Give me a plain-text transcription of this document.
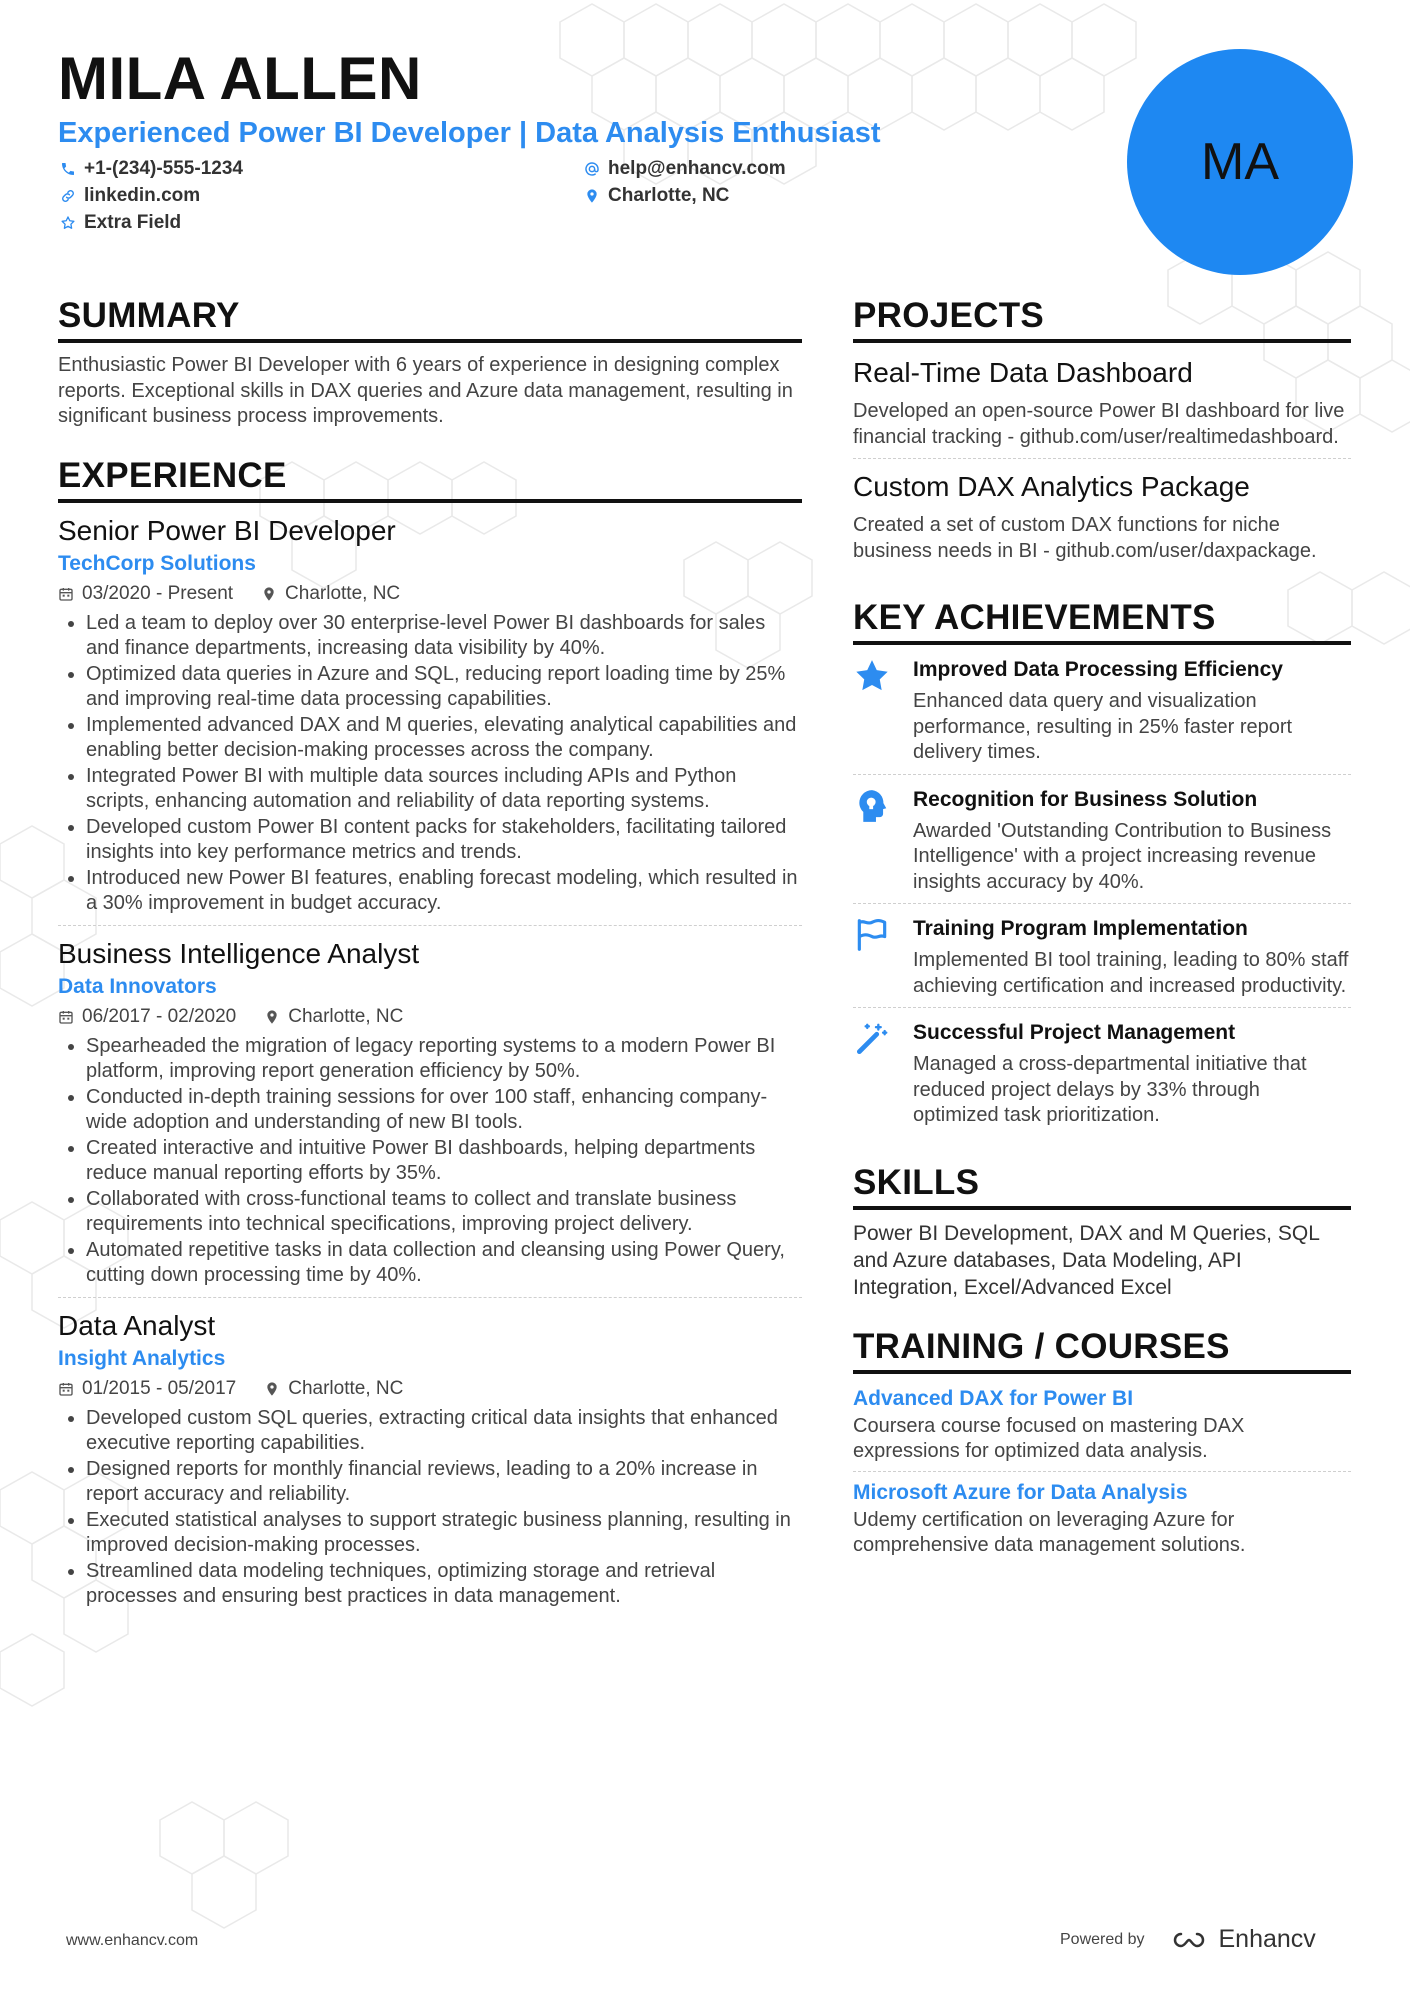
MILA ALLEN
Experienced Power BI Developer | Data Analysis Enthusiast
+1-(234)-555-1234	help@enhancv.com
linkedin.com	Charlotte, NC
Extra Field
MA
SUMMARY
Enthusiastic Power BI Developer with 6 years of experience in designing complex reports. Exceptional skills in DAX queries and Azure data management, resulting in significant business process improvements.
EXPERIENCE
Senior Power BI Developer
TechCorp Solutions
03/2020 - Present	Charlotte, NC
• Led a team to deploy over 30 enterprise-level Power BI dashboards for sales and finance departments, increasing data visibility by 40%.
• Optimized data queries in Azure and SQL, reducing report loading time by 25% and improving real-time data processing capabilities.
• Implemented advanced DAX and M queries, elevating analytical capabilities and enabling better decision-making processes across the company.
• Integrated Power BI with multiple data sources including APIs and Python scripts, enhancing automation and reliability of data reporting systems.
• Developed custom Power BI content packs for stakeholders, facilitating tailored insights into key performance metrics and trends.
• Introduced new Power BI features, enabling forecast modeling, which resulted in a 30% improvement in budget accuracy.
Business Intelligence Analyst
Data Innovators
06/2017 - 02/2020	Charlotte, NC
• Spearheaded the migration of legacy reporting systems to a modern Power BI platform, improving report generation efficiency by 50%.
• Conducted in-depth training sessions for over 100 staff, enhancing company-wide adoption and understanding of new BI tools.
• Created interactive and intuitive Power BI dashboards, helping departments reduce manual reporting efforts by 35%.
• Collaborated with cross-functional teams to collect and translate business requirements into technical specifications, improving project delivery.
• Automated repetitive tasks in data collection and cleansing using Power Query, cutting down processing time by 40%.
Data Analyst
Insight Analytics
01/2015 - 05/2017	Charlotte, NC
• Developed custom SQL queries, extracting critical data insights that enhanced executive reporting capabilities.
• Designed reports for monthly financial reviews, leading to a 20% increase in report accuracy and reliability.
• Executed statistical analyses to support strategic business planning, resulting in improved decision-making processes.
• Streamlined data modeling techniques, optimizing storage and retrieval processes and ensuring best practices in data management.
PROJECTS
Real-Time Data Dashboard
Developed an open-source Power BI dashboard for live financial tracking - github.com/user/realtimedashboard.
Custom DAX Analytics Package
Created a set of custom DAX functions for niche business needs in BI - github.com/user/daxpackage.
KEY ACHIEVEMENTS
Improved Data Processing Efficiency
Enhanced data query and visualization performance, resulting in 25% faster report delivery times.
Recognition for Business Solution
Awarded 'Outstanding Contribution to Business Intelligence' with a project increasing revenue insights accuracy by 40%.
Training Program Implementation
Implemented BI tool training, leading to 80% staff achieving certification and increased productivity.
Successful Project Management
Managed a cross-departmental initiative that reduced project delays by 33% through optimized task prioritization.
SKILLS
Power BI Development, DAX and M Queries, SQL and Azure databases, Data Modeling, API Integration, Excel/Advanced Excel
TRAINING / COURSES
Advanced DAX for Power BI
Coursera course focused on mastering DAX expressions for optimized data analysis.
Microsoft Azure for Data Analysis
Udemy certification on leveraging Azure for comprehensive data management solutions.
www.enhancv.com	Powered by	Enhancv
